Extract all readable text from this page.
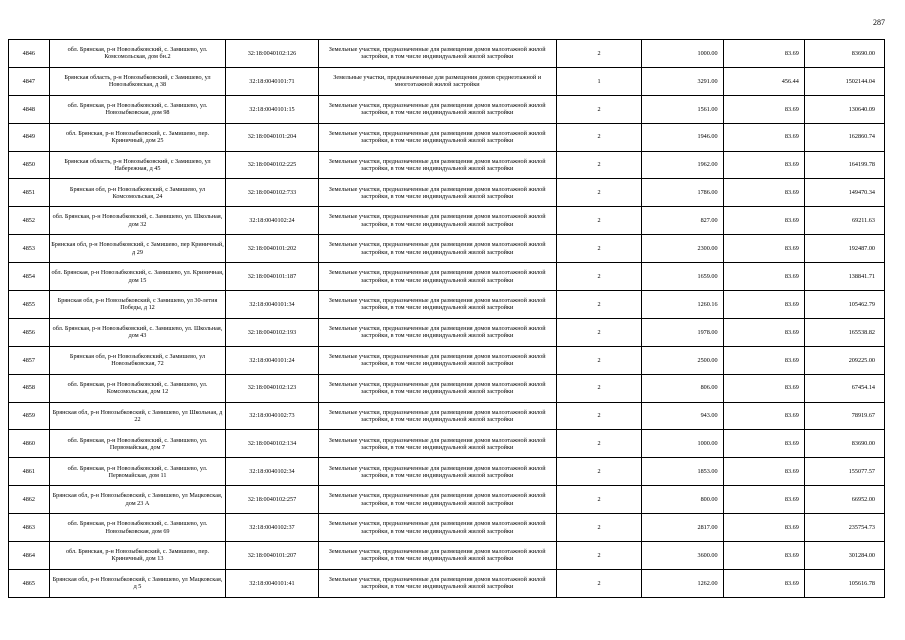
287
4846	обл. Брянская, р-н Новозыбковский, с. Замишево, ул. Комсомольская, дом бн.2	32:18:0040102:126	Земельные участки, предназначенные для размещения домов малоэтажной жилой застройки, в том числе индивидуальной жилой застройки	2	1000.00	83.69	83690.00
4847	Брянская область, р-н Новозыбковский, с Замишево, ул Новозыбковская, д 38	32:18:0040101:71	Земельные участки, предназначенные для размещения домов среднеэтажной и многоэтажной жилой застройки	1	3291.00	456.44	1502144.04
4848	обл. Брянская, р-н Новозыбковский, с. Замишево, ул. Новозыбковская, дом 98	32:18:0040101:15	Земельные участки, предназначенные для размещения домов малоэтажной жилой застройки, в том числе индивидуальной жилой застройки	2	1561.00	83.69	130640.09
4849	обл. Брянская, р-н Новозыбковский, с. Замишево, пер. Криничный, дом 25	32:18:0040101:204	Земельные участки, предназначенные для размещения домов малоэтажной жилой застройки, в том числе индивидуальной жилой застройки	2	1946.00	83.69	162860.74
4850	Брянская область, р-н Новозыбковский, с Замишево, ул Набережная, д 45	32:18:0040102:225	Земельные участки, предназначенные для размещения домов малоэтажной жилой застройки, в том числе индивидуальной жилой застройки	2	1962.00	83.69	164199.78
4851	Брянская обл, р-н Новозыбковский, с Замишево, ул Комсомольская, 24	32:18:0040102:733	Земельные участки, предназначенные для размещения домов малоэтажной жилой застройки, в том числе индивидуальной жилой застройки	2	1786.00	83.69	149470.34
4852	обл. Брянская, р-н Новозыбковский, с. Замишево, ул. Школьная, дом 32	32:18:0040102:24	Земельные участки, предназначенные для размещения домов малоэтажной жилой застройки, в том числе индивидуальной жилой застройки	2	827.00	83.69	69211.63
4853	Брянская обл, р-н Новозыбковский, с Замишево, пер Криничный, д 29	32:18:0040101:202	Земельные участки, предназначенные для размещения домов малоэтажной жилой застройки, в том числе индивидуальной жилой застройки	2	2300.00	83.69	192487.00
4854	обл. Брянская, р-н Новозыбковский, с. Замишево, ул. Криничная, дом 15	32:18:0040101:187	Земельные участки, предназначенные для размещения домов малоэтажной жилой застройки, в том числе индивидуальной жилой застройки	2	1659.00	83.69	138841.71
4855	Брянская обл, р-н Новозыбковский, с Замишево, ул 30-летия Победы, д 12	32:18:0040101:34	Земельные участки, предназначенные для размещения домов малоэтажной жилой застройки, в том числе индивидуальной жилой застройки	2	1260.16	83.69	105462.79
4856	обл. Брянская, р-н Новозыбковский, с. Замишево, ул. Школьная, дом 43	32:18:0040102:193	Земельные участки, предназначенные для размещения домов малоэтажной жилой застройки, в том числе индивидуальной жилой застройки	2	1978.00	83.69	165538.82
4857	Брянская обл, р-н Новозыбковский, с Замишево, ул Новозыбковская, 72	32:18:0040101:24	Земельные участки, предназначенные для размещения домов малоэтажной жилой застройки, в том числе индивидуальной жилой застройки	2	2500.00	83.69	209225.00
4858	обл. Брянская, р-н Новозыбковский, с. Замишево, ул. Комсомольская, дом 12	32:18:0040102:123	Земельные участки, предназначенные для размещения домов малоэтажной жилой застройки, в том числе индивидуальной жилой застройки	2	806.00	83.69	67454.14
4859	Брянская обл, р-н Новозыбковский, с Замишево, ул Школьная, д 22	32:18:0040102:73	Земельные участки, предназначенные для размещения домов малоэтажной жилой застройки, в том числе индивидуальной жилой застройки	2	943.00	83.69	78919.67
4860	обл. Брянская, р-н Новозыбковский, с. Замишево, ул. Первомайская, дом 7	32:18:0040102:134	Земельные участки, предназначенные для размещения домов малоэтажной жилой застройки, в том числе индивидуальной жилой застройки	2	1000.00	83.69	83690.00
4861	обл. Брянская, р-н Новозыбковский, с. Замишево, ул. Первомайская, дом 11	32:18:0040102:34	Земельные участки, предназначенные для размещения домов малоэтажной жилой застройки, в том числе индивидуальной жилой застройки	2	1853.00	83.69	155077.57
4862	Брянская обл, р-н Новозыбковский, с Замишево, ул Мацковская, дом 23 А	32:18:0040102:257	Земельные участки, предназначенные для размещения домов малоэтажной жилой застройки, в том числе индивидуальной жилой застройки	2	800.00	83.69	66952.00
4863	обл. Брянская, р-н Новозыбковский, с. Замишево, ул. Новозыбковская, дом 69	32:18:0040102:37	Земельные участки, предназначенные для размещения домов малоэтажной жилой застройки, в том числе индивидуальной жилой застройки	2	2817.00	83.69	235754.73
4864	обл. Брянская, р-н Новозыбковский, с. Замишево, пер. Криничный, дом 13	32:18:0040101:207	Земельные участки, предназначенные для размещения домов малоэтажной жилой застройки, в том числе индивидуальной жилой застройки	2	3600.00	83.69	301284.00
4865	Брянская обл, р-н Новозыбковский, с Замишево, ул Мацковская, д 5	32:18:0040101:41	Земельные участки, предназначенные для размещения домов малоэтажной жилой застройки, в том числе индивидуальной жилой застройки	2	1262.00	83.69	105616.78
